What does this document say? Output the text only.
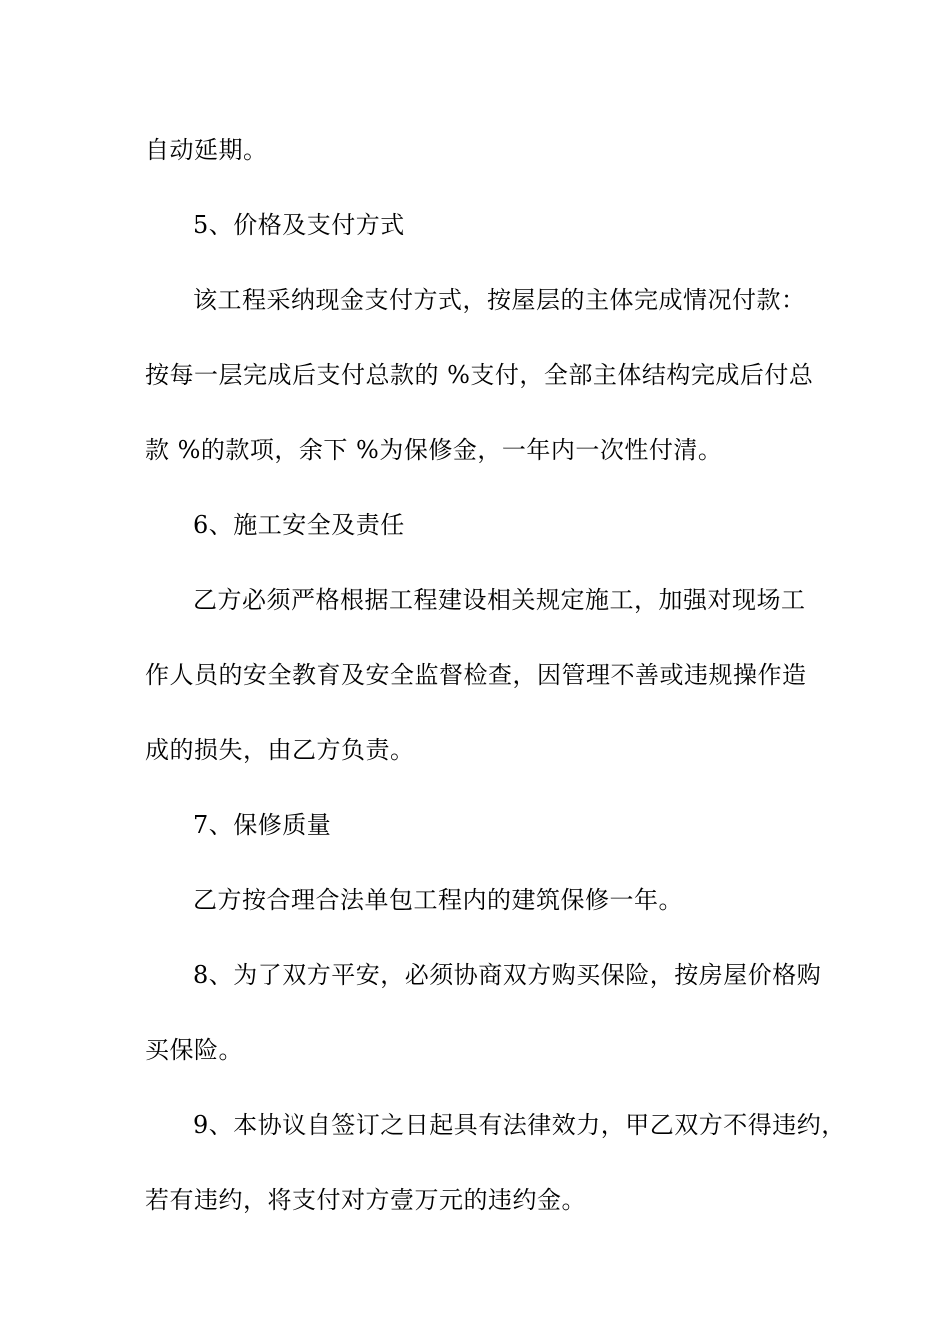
自动延期。
5、价格及支付方式
该工程采纳现金支付方式，按屋层的主体完成情况付款：
按每一层完成后支付总款的 %支付，全部主体结构完成后付总
款 %的款项，余下 %为保修金，一年内一次性付清。
6、施工安全及责任
乙方必须严格根据工程建设相关规定施工，加强对现场工
作人员的安全教育及安全监督检查，因管理不善或违规操作造
成的损失，由乙方负责。
7、保修质量
乙方按合理合法单包工程内的建筑保修一年。
8、为了双方平安，必须协商双方购买保险，按房屋价格购
买保险。
9、本协议自签订之日起具有法律效力，甲乙双方不得违约，
若有违约，将支付对方壹万元的违约金。
